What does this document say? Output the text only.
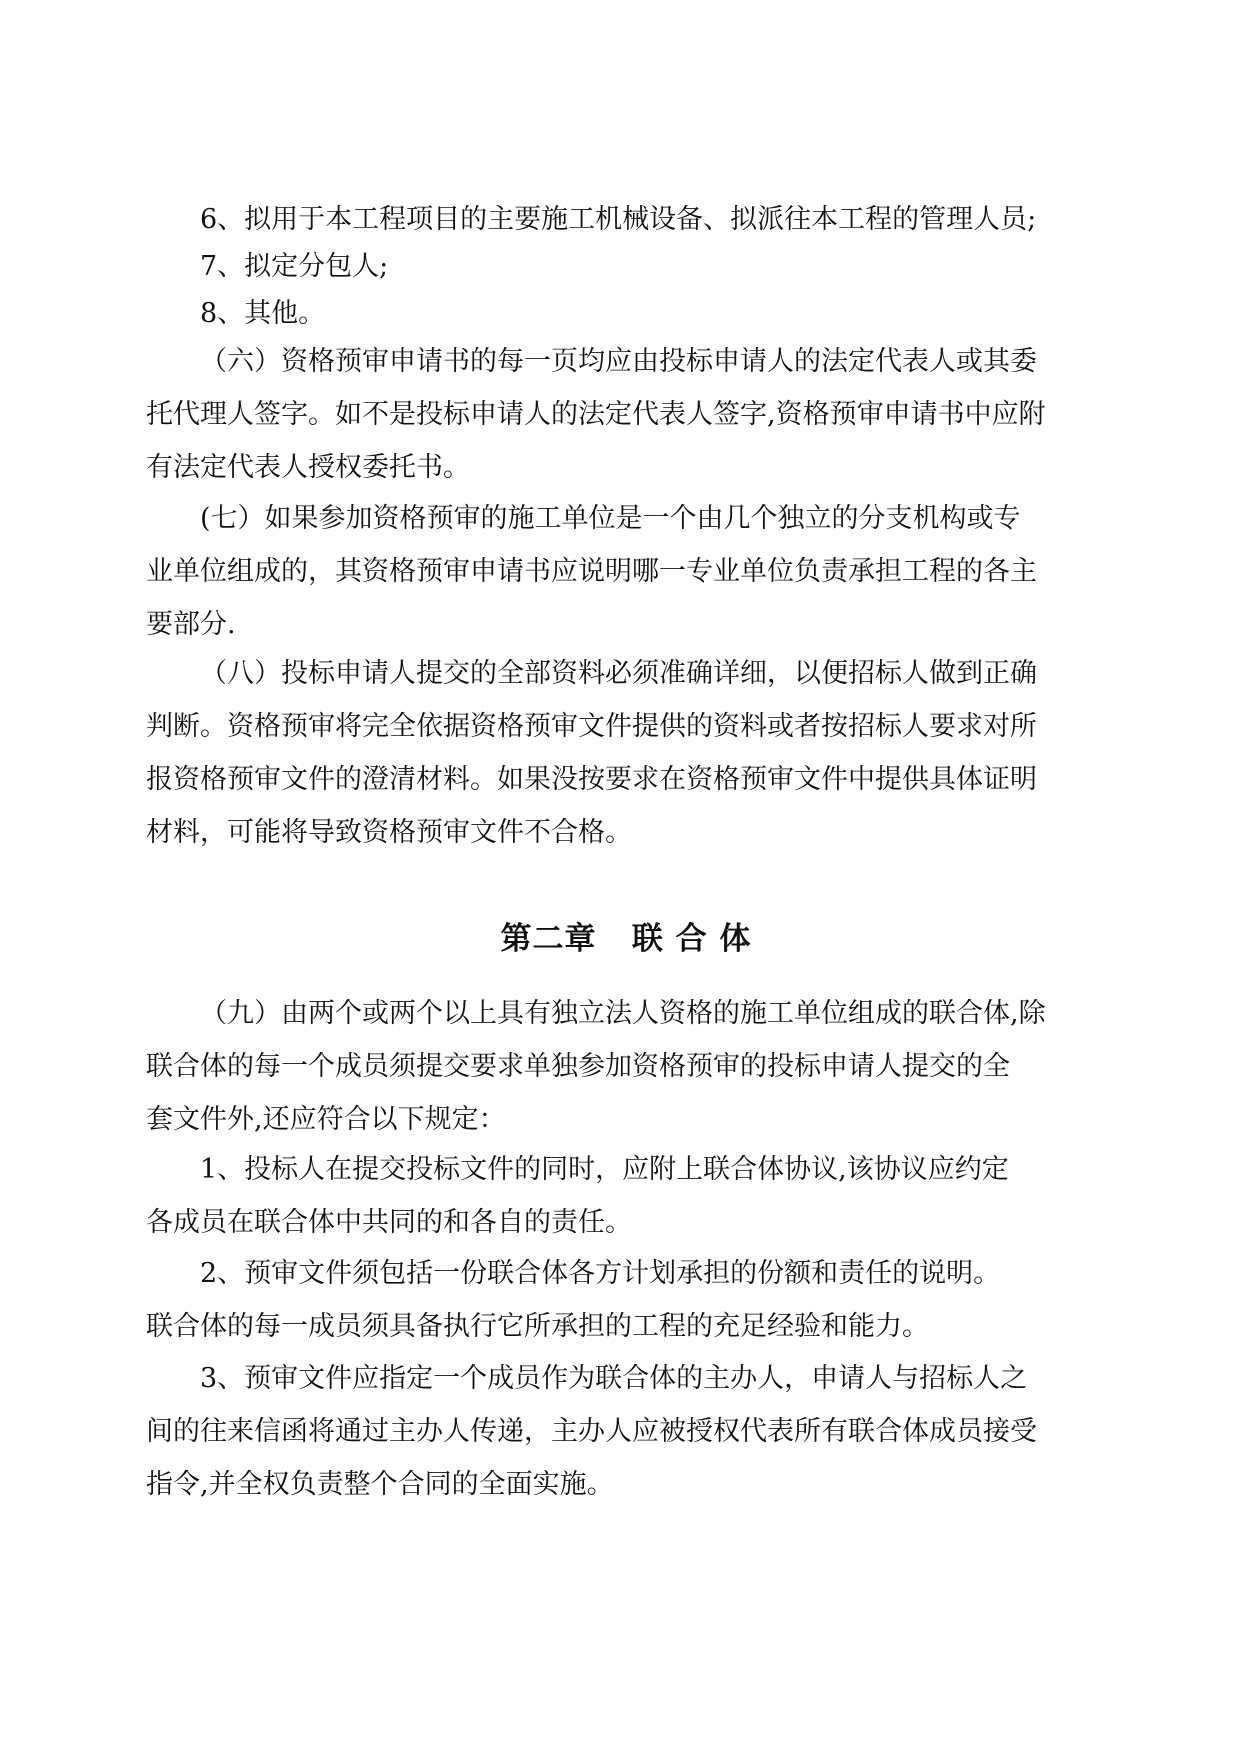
6、拟用于本工程项目的主要施工机械设备、拟派往本工程的管理人员;

7、拟定分包人;

8、其他。

（六）资格预审申请书的每一页均应由投标申请人的法定代表人或其委
托代理人签字。如不是投标申请人的法定代表人签字,资格预审申请书中应附
有法定代表人授权委托书。

(七）如果参加资格预审的施工单位是一个由几个独立的分支机构或专
业单位组成的，其资格预审申请书应说明哪一专业单位负责承担工程的各主
要部分.

（八）投标申请人提交的全部资料必须准确详细，以便招标人做到正确
判断。资格预审将完全依据资格预审文件提供的资料或者按招标人要求对所
报资格预审文件的澄清材料。如果没按要求在资格预审文件中提供具体证明
材料，可能将导致资格预审文件不合格。

第二章   联 合 体

（九）由两个或两个以上具有独立法人资格的施工单位组成的联合体,除
联合体的每一个成员须提交要求单独参加资格预审的投标申请人提交的全
套文件外,还应符合以下规定：

1、投标人在提交投标文件的同时，应附上联合体协议,该协议应约定
各成员在联合体中共同的和各自的责任。

2、预审文件须包括一份联合体各方计划承担的份额和责任的说明。
联合体的每一成员须具备执行它所承担的工程的充足经验和能力。

3、预审文件应指定一个成员作为联合体的主办人，申请人与招标人之
间的往来信函将通过主办人传递，主办人应被授权代表所有联合体成员接受
指令,并全权负责整个合同的全面实施。
